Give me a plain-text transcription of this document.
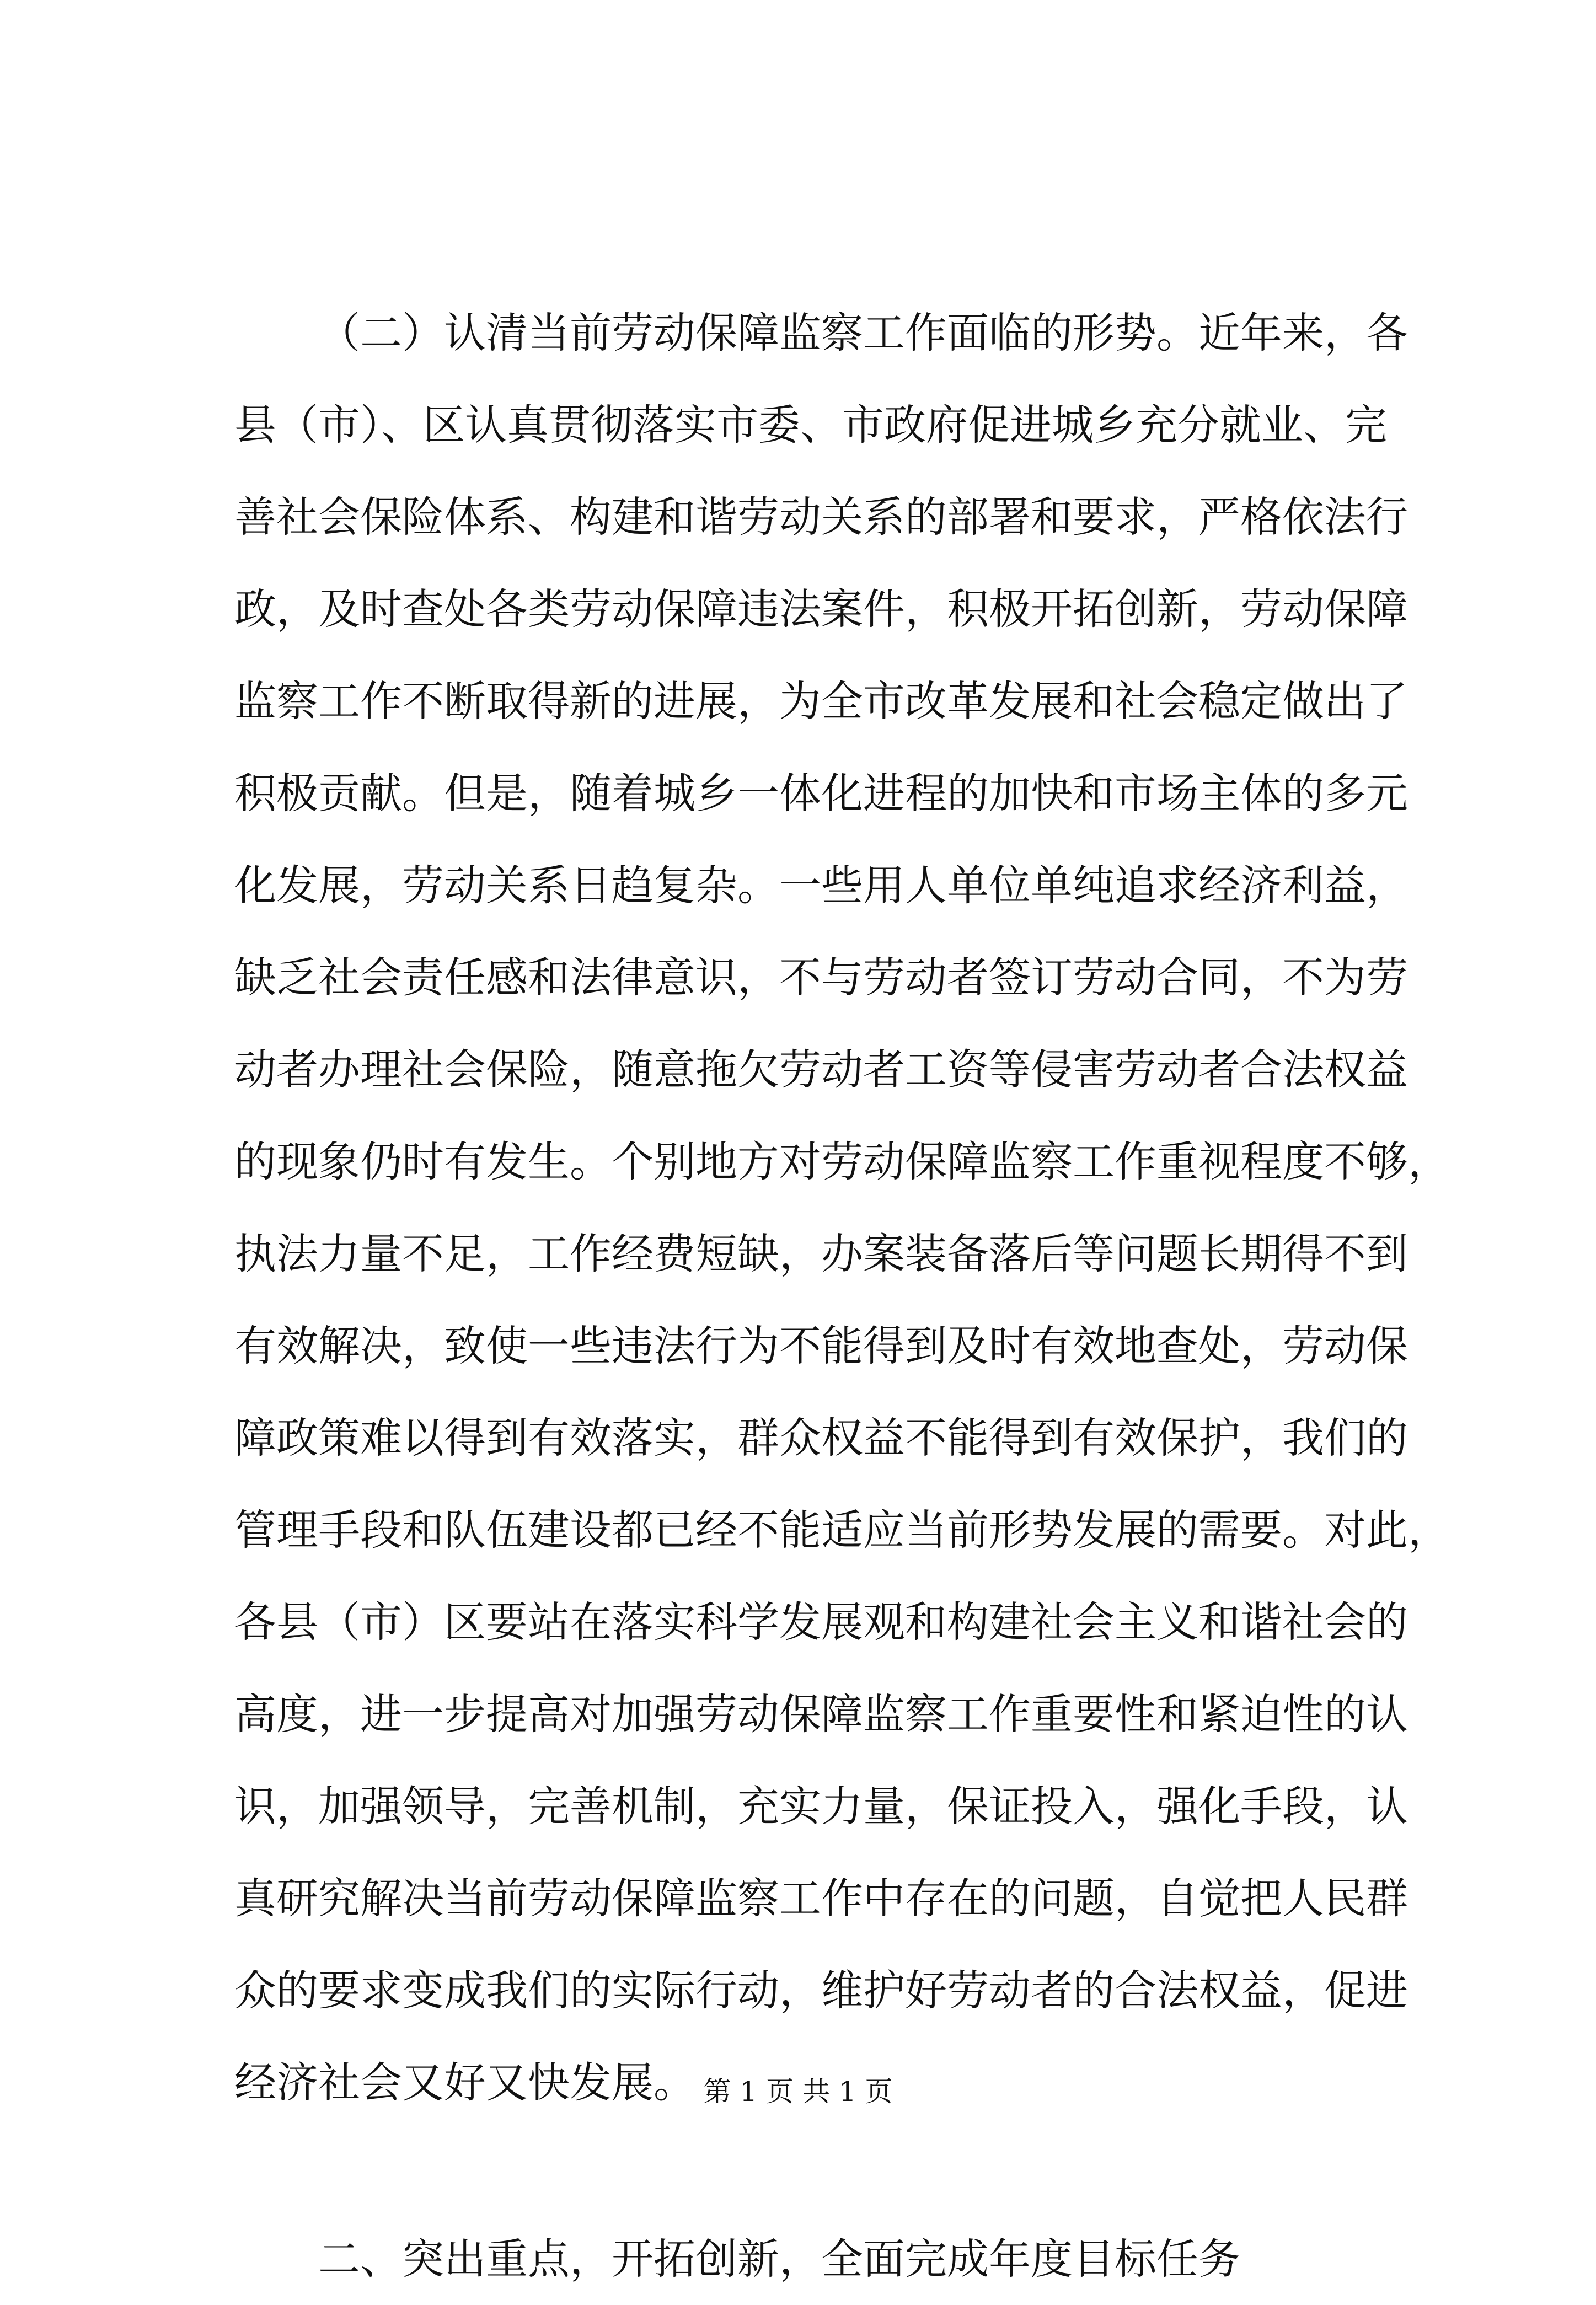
（二）认清当前劳动保障监察工作面临的形势。近年来，各
县（市）、区认真贯彻落实市委、市政府促进城乡充分就业、完
善社会保险体系、构建和谐劳动关系的部署和要求，严格依法行
政，及时查处各类劳动保障违法案件，积极开拓创新，劳动保障
监察工作不断取得新的进展，为全市改革发展和社会稳定做出了
积极贡献。但是，随着城乡一体化进程的加快和市场主体的多元
化发展，劳动关系日趋复杂。一些用人单位单纯追求经济利益，
缺乏社会责任感和法律意识，不与劳动者签订劳动合同，不为劳
动者办理社会保险，随意拖欠劳动者工资等侵害劳动者合法权益
的现象仍时有发生。个别地方对劳动保障监察工作重视程度不够，
执法力量不足，工作经费短缺，办案装备落后等问题长期得不到
有效解决，致使一些违法行为不能得到及时有效地查处，劳动保
障政策难以得到有效落实，群众权益不能得到有效保护，我们的
管理手段和队伍建设都已经不能适应当前形势发展的需要。对此，
各县（市）区要站在落实科学发展观和构建社会主义和谐社会的
高度，进一步提高对加强劳动保障监察工作重要性和紧迫性的认
识，加强领导，完善机制，充实力量，保证投入，强化手段，认
真研究解决当前劳动保障监察工作中存在的问题，自觉把人民群
众的要求变成我们的实际行动，维护好劳动者的合法权益，促进
经济社会又好又快发展。
二、突出重点，开拓创新，全面完成年度目标任务
第 1 页 共 1 页
